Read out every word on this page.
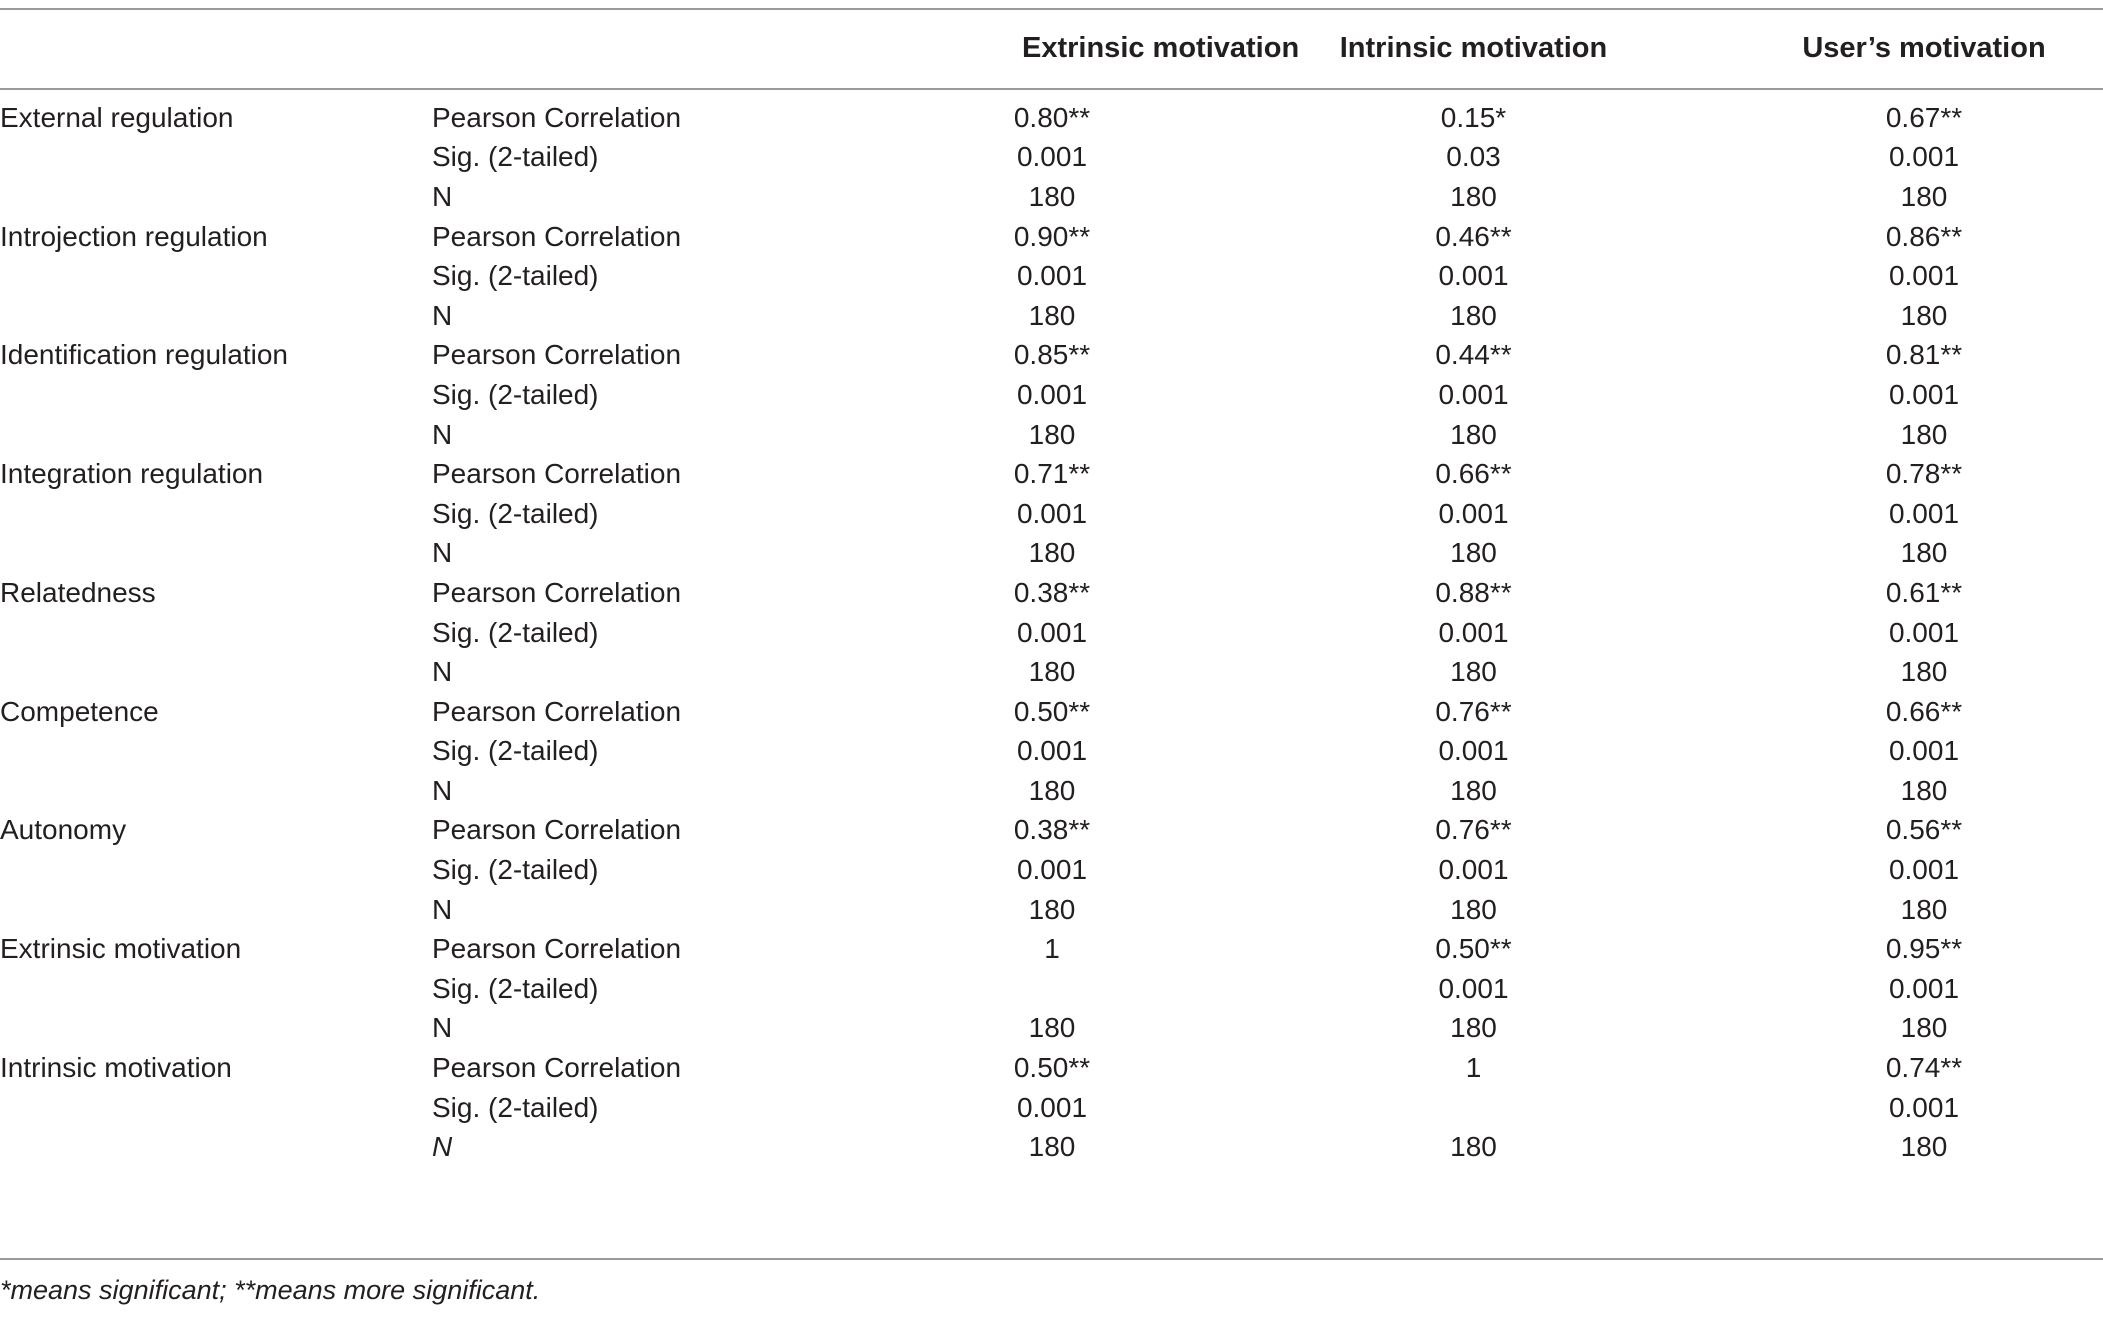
		Extrinsic motivation	Intrinsic motivation	User’s motivation
External regulation	Pearson Correlation	0.80**	0.15*	0.67**
	Sig. (2-tailed)	0.001	0.03	0.001
	N	180	180	180
Introjection regulation	Pearson Correlation	0.90**	0.46**	0.86**
	Sig. (2-tailed)	0.001	0.001	0.001
	N	180	180	180
Identification regulation	Pearson Correlation	0.85**	0.44**	0.81**
	Sig. (2-tailed)	0.001	0.001	0.001
	N	180	180	180
Integration regulation	Pearson Correlation	0.71**	0.66**	0.78**
	Sig. (2-tailed)	0.001	0.001	0.001
	N	180	180	180
Relatedness	Pearson Correlation	0.38**	0.88**	0.61**
	Sig. (2-tailed)	0.001	0.001	0.001
	N	180	180	180
Competence	Pearson Correlation	0.50**	0.76**	0.66**
	Sig. (2-tailed)	0.001	0.001	0.001
	N	180	180	180
Autonomy	Pearson Correlation	0.38**	0.76**	0.56**
	Sig. (2-tailed)	0.001	0.001	0.001
	N	180	180	180
Extrinsic motivation	Pearson Correlation	1	0.50**	0.95**
	Sig. (2-tailed)		0.001	0.001
	N	180	180	180
Intrinsic motivation	Pearson Correlation	0.50**	1	0.74**
	Sig. (2-tailed)	0.001		0.001
	N	180	180	180
*means significant; **means more significant.
